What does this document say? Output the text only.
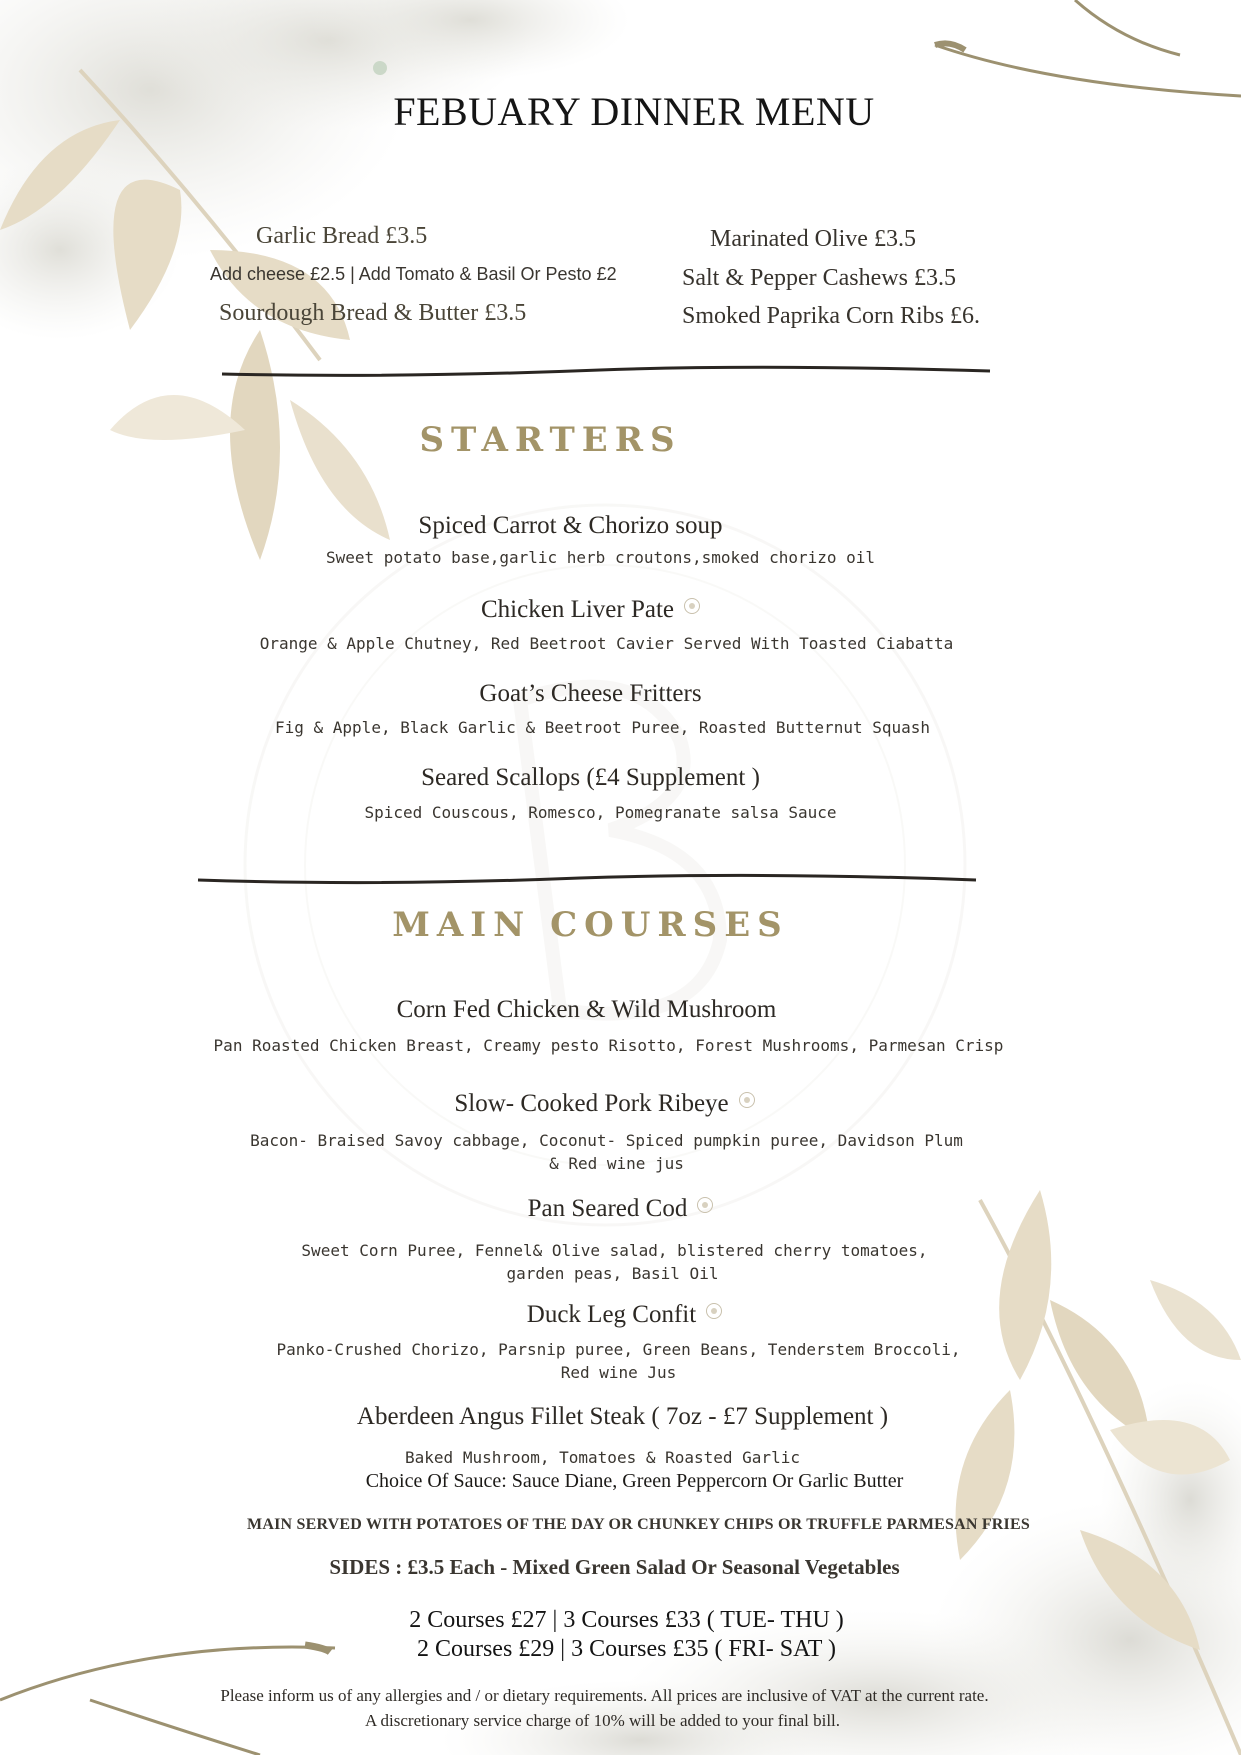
FEBUARY DINNER MENU
Garlic Bread £3.5
Add cheese £2.5 | Add Tomato & Basil Or Pesto £2
Sourdough Bread & Butter £3.5
Marinated Olive £3.5
Salt & Pepper Cashews £3.5
Smoked Paprika Corn Ribs £6.
STARTERS
Spiced Carrot & Chorizo soup
Sweet potato base,garlic herb croutons,smoked chorizo oil
Chicken Liver Pate
Orange & Apple Chutney, Red Beetroot Cavier Served With Toasted Ciabatta
Goat’s Cheese Fritters
Fig & Apple, Black Garlic & Beetroot Puree, Roasted Butternut Squash
Seared Scallops (£4 Supplement )
Spiced Couscous, Romesco, Pomegranate salsa Sauce
MAIN COURSES
Corn Fed Chicken & Wild Mushroom
Pan Roasted Chicken Breast, Creamy pesto Risotto, Forest Mushrooms, Parmesan Crisp
Slow- Cooked Pork Ribeye
Bacon- Braised Savoy cabbage, Coconut- Spiced pumpkin puree, Davidson Plum
& Red wine jus
Pan Seared Cod
Sweet Corn Puree, Fennel& Olive salad, blistered cherry tomatoes,
garden peas, Basil Oil
Duck Leg Confit
Panko-Crushed Chorizo, Parsnip puree, Green Beans, Tenderstem Broccoli,
Red wine Jus
Aberdeen Angus Fillet Steak ( 7oz - £7 Supplement )
Baked Mushroom, Tomatoes & Roasted Garlic
Choice Of Sauce: Sauce Diane, Green Peppercorn Or Garlic Butter
MAIN SERVED WITH POTATOES OF THE DAY OR CHUNKEY CHIPS OR TRUFFLE PARMESAN FRIES
SIDES : £3.5 Each - Mixed Green Salad Or Seasonal Vegetables
2 Courses £27 | 3 Courses £33 ( TUE- THU )
2 Courses £29 | 3 Courses £35 ( FRI- SAT )
Please inform us of any allergies and / or dietary requirements. All prices are inclusive of VAT at the current rate.
A discretionary service charge of 10% will be added to your final bill.
